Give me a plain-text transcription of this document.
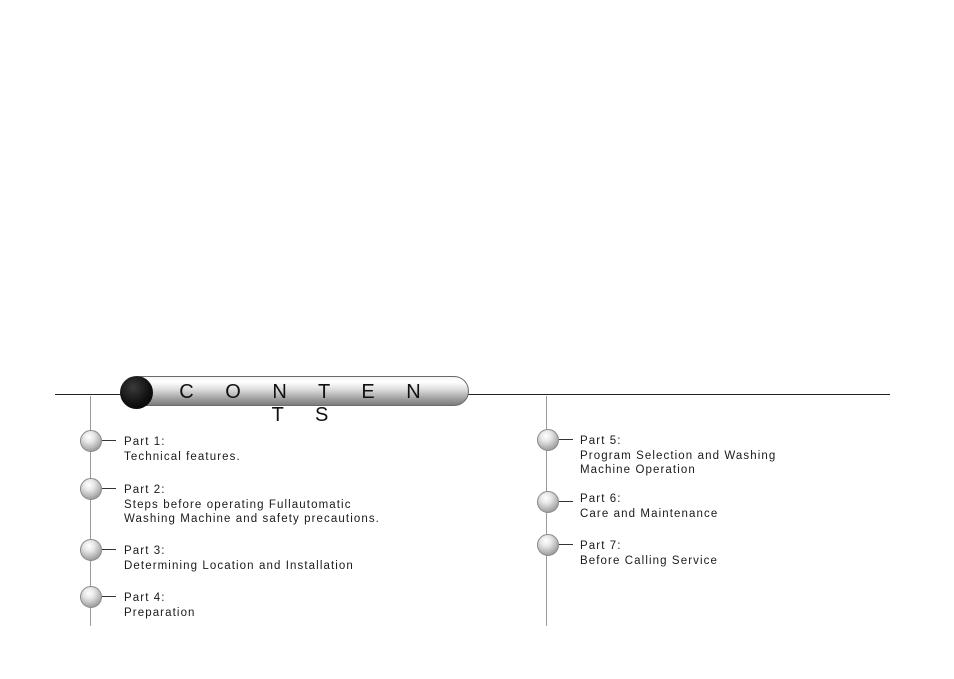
C O N T E N T S
Part 1:
Technical features.
Part 2:
Steps before operating Fullautomatic
Washing Machine and safety precautions.
Part 3:
Determining Location and Installation
Part 4:
Preparation
Part 5:
Program Selection and Washing
Machine Operation
Part 6:
Care and Maintenance
Part 7:
Before Calling Service
